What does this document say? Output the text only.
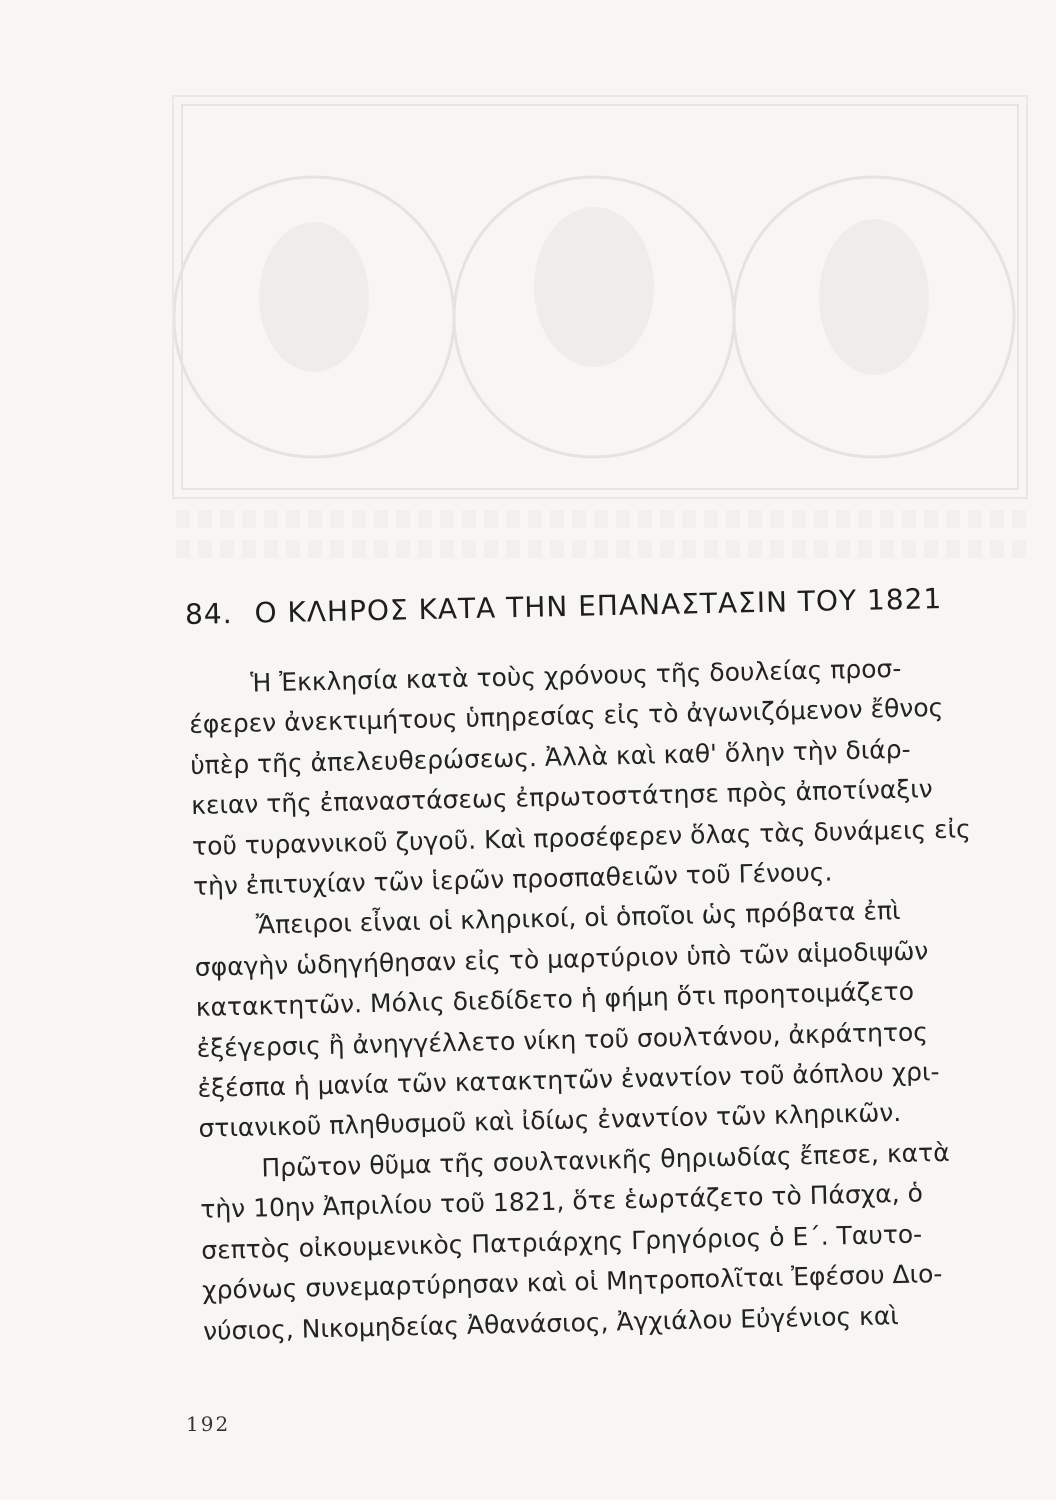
84. Ο ΚΛΗΡΟΣ ΚΑΤΑ ΤΗΝ ΕΠΑΝΑΣΤΑΣΙΝ ΤΟΥ 1821
Ἡ Ἐκκλησία κατὰ τοὺς χρόνους τῆς δουλείας προσ-
έφερεν ἀνεκτιμήτους ὑπηρεσίας εἰς τὸ ἀγωνιζόμενον ἔθνος
ὑπὲρ τῆς ἀπελευθερώσεως. Ἀλλὰ καὶ καθ' ὅλην τὴν διάρ-
κειαν τῆς ἐπαναστάσεως ἐπρωτοστάτησε πρὸς ἀποτίναξιν
τοῦ τυραννικοῦ ζυγοῦ. Καὶ προσέφερεν ὅλας τὰς δυνάμεις εἰς
τὴν ἐπιτυχίαν τῶν ἱερῶν προσπαθειῶν τοῦ Γένους.
Ἄπειροι εἶναι οἱ κληρικοί, οἱ ὁποῖοι ὡς πρόβατα ἐπὶ
σφαγὴν ὡδηγήθησαν εἰς τὸ μαρτύριον ὑπὸ τῶν αἱμοδιψῶν
κατακτητῶν. Μόλις διεδίδετο ἡ φήμη ὅτι προητοιμάζετο
ἐξέγερσις ἢ ἀνηγγέλλετο νίκη τοῦ σουλτάνου, ἀκράτητος
ἐξέσπα ἡ μανία τῶν κατακτητῶν ἐναντίον τοῦ ἀόπλου χρι-
στιανικοῦ πληθυσμοῦ καὶ ἰδίως ἐναντίον τῶν κληρικῶν.
Πρῶτον θῦμα τῆς σουλτανικῆς θηριωδίας ἔπεσε, κατὰ
τὴν 10ην Ἀπριλίου τοῦ 1821, ὅτε ἑωρτάζετο τὸ Πάσχα, ὁ
σεπτὸς οἰκουμενικὸς Πατριάρχης Γρηγόριος ὁ Ε΄. Ταυτο-
χρόνως συνεμαρτύρησαν καὶ οἱ Μητροπολῖται Ἐφέσου Διο-
νύσιος, Νικομηδείας Ἀθανάσιος, Ἀγχιάλου Εὐγένιος καὶ
192
